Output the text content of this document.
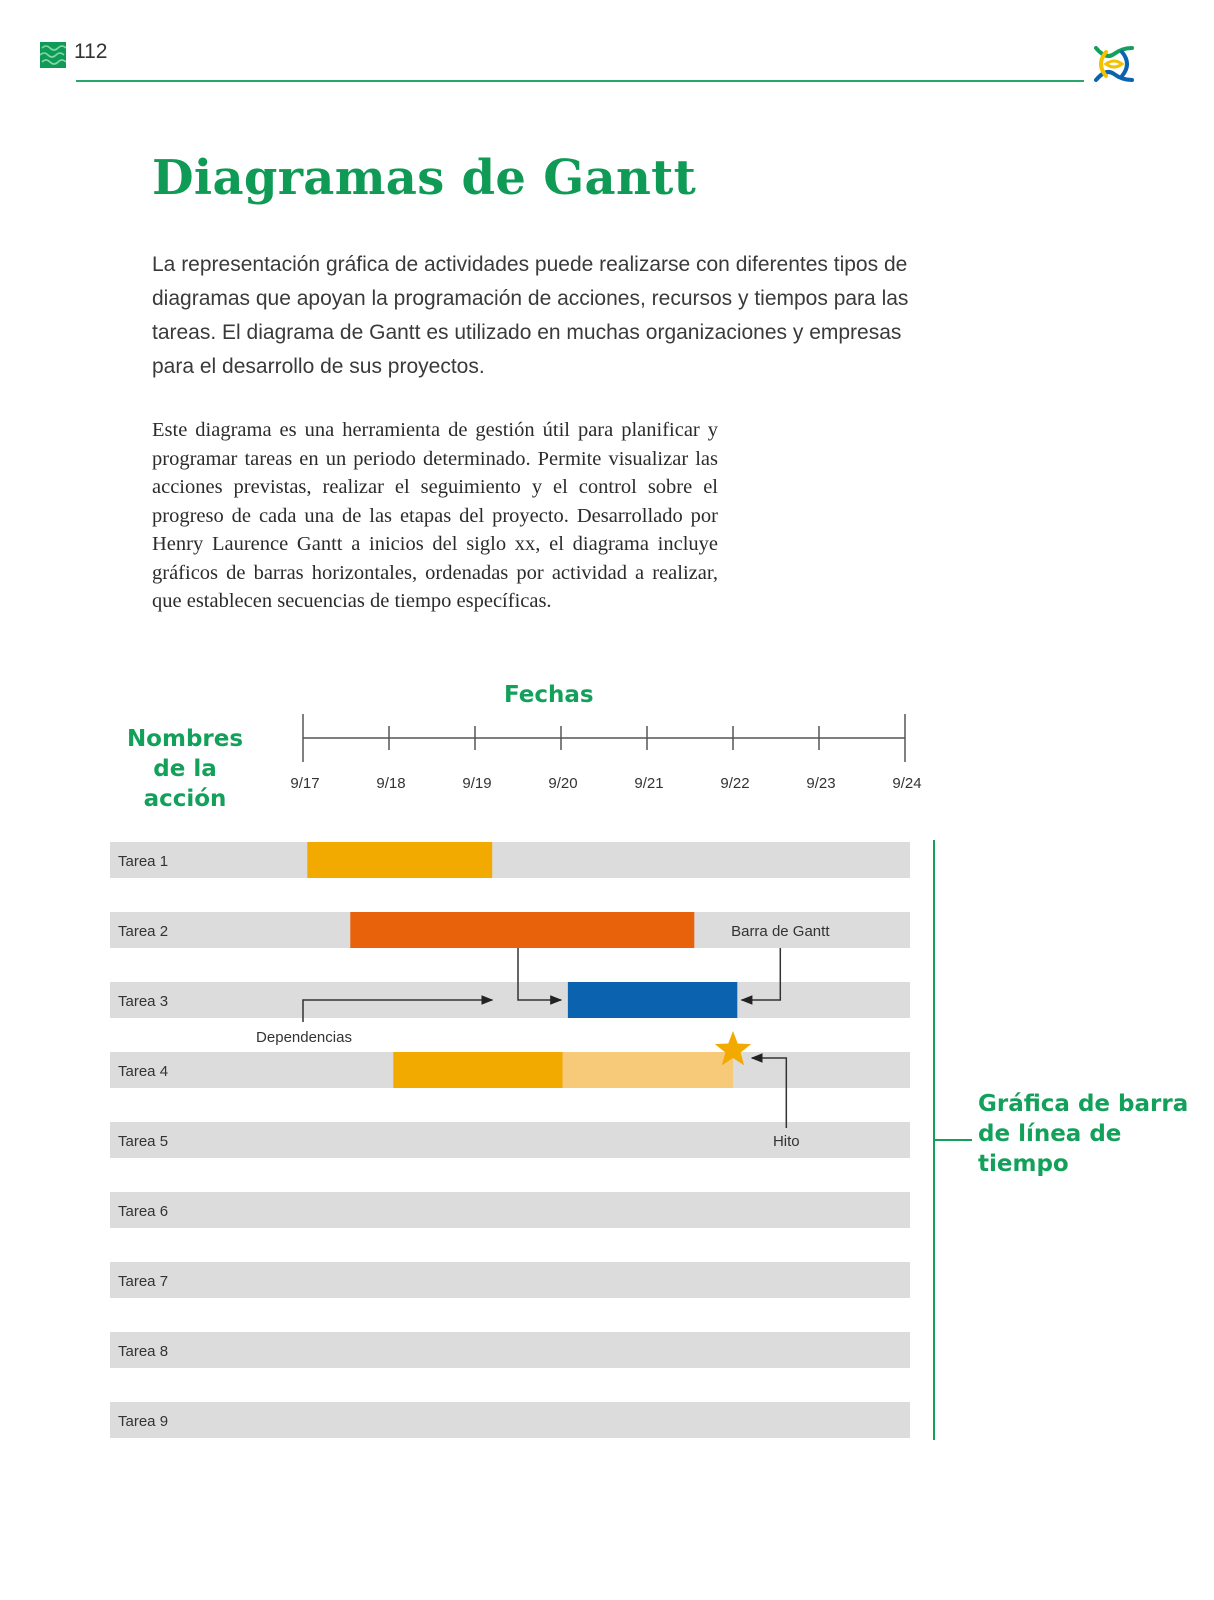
112
Diagramas de Gantt

La representación gráfica de actividades puede realizarse con diferentes tipos de diagramas que apoyan la programación de acciones, recursos y tiempos para las tareas. El diagrama de Gantt es utilizado en muchas organizaciones y empresas para el desarrollo de sus proyectos.

Este diagrama es una herramienta de gestión útil para planificar y programar tareas en un periodo determinado. Permite visualizar las acciones previstas, realizar el seguimiento y el control sobre el progreso de cada una de las etapas del proyecto. Desarrollado por Henry Laurence Gantt a inicios del siglo xx, el diagrama incluye gráficos de barras horizontales, ordenadas por actividad a realizar, que establecen secuencias de tiempo específicas.

Fechas
Nombres de la acción
Gráfica de barra de línea de tiempo
9/17	9/18	9/19	9/20	9/21	9/22	9/23	9/24
Tarea 1
Tarea 2
Tarea 3
Tarea 4
Tarea 5
Tarea 6
Tarea 7
Tarea 8
Tarea 9
Dependencias
Barra de Gantt
Hito
